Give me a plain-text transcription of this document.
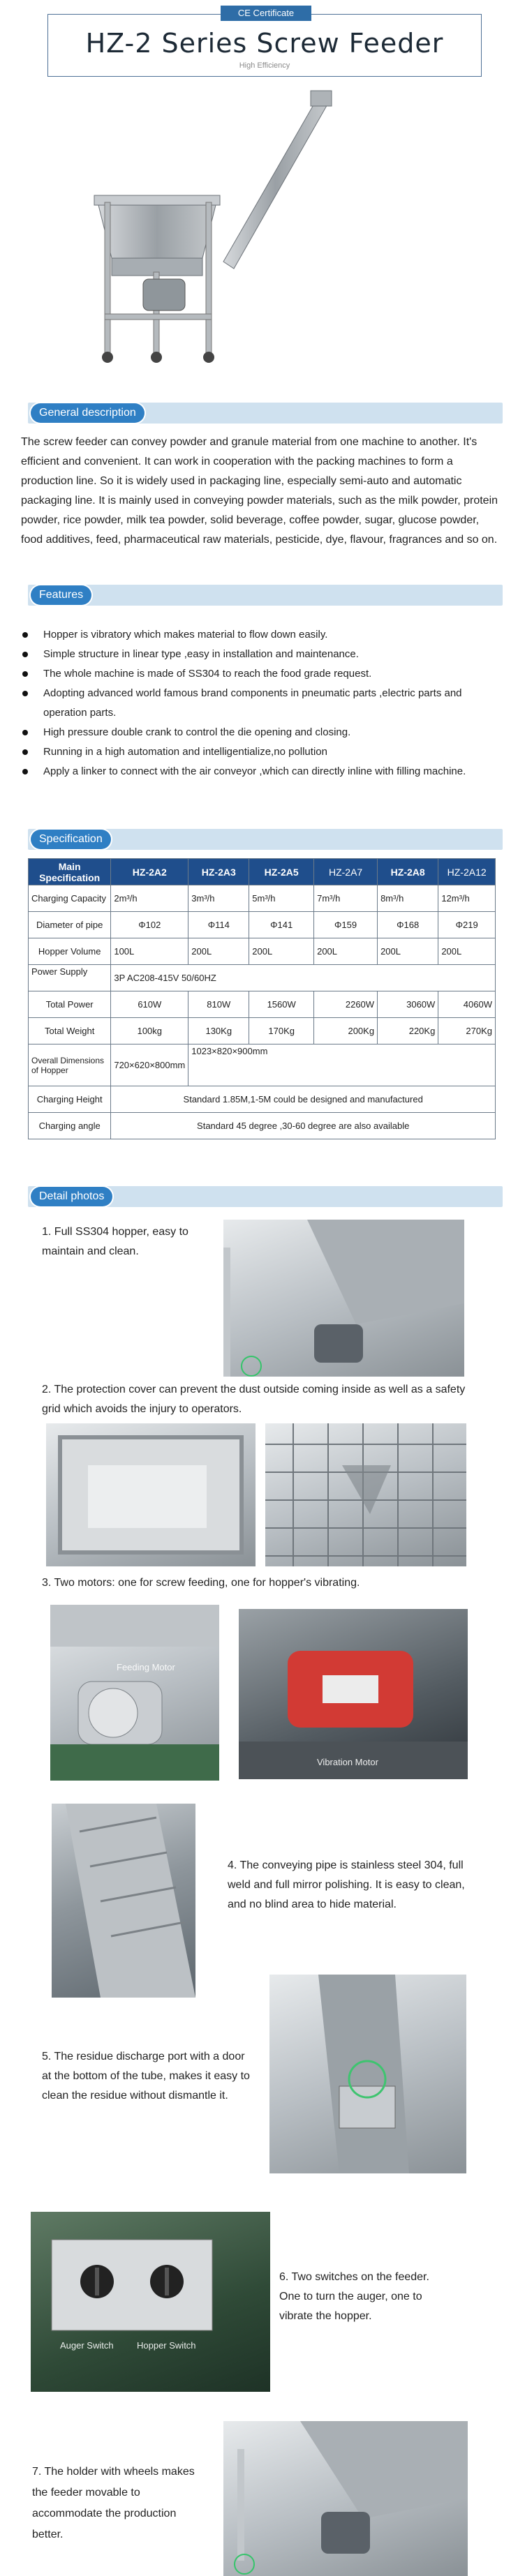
CE Certificate
HZ-2 Series Screw Feeder
High Efficiency
General description
The screw feeder can convey powder and granule material from one machine to another. It's efficient and convenient. It can work in cooperation with the packing machines to form a production line. So it is widely used in packaging line, especially semi-auto and automatic packaging line. It is mainly used in conveying powder materials, such as the milk powder, protein powder, rice powder, milk tea powder, solid beverage, coffee powder, sugar, glucose powder, food additives, feed, pharmaceutical raw materials, pesticide, dye, flavour, fragrances and so on.
Features
Hopper is vibratory which makes material to flow down easily.
Simple structure in linear type ,easy in installation and maintenance.
The whole machine is made of SS304 to reach the food grade request.
Adopting advanced world famous brand components in pneumatic parts ,electric parts and operation parts.
High pressure double crank to control the die opening and closing.
Running in a high automation and intelligentialize,no pollution
Apply a linker to connect with the air conveyor ,which can directly inline with filling machine.
Specification
Main Specification	HZ-2A2	HZ-2A3	HZ-2A5	HZ-2A7	HZ-2A8	HZ-2A12
Charging Capacity	2m³/h	3m³/h	5m³/h	7m³/h	8m³/h	12m³/h
Diameter of pipe	Φ102	Φ114	Φ141	Φ159	Φ168	Φ219
Hopper Volume	100L	200L	200L	200L	200L	200L
Power Supply	3P AC208-415V 50/60HZ					
Total Power	610W	810W	1560W	2260W	3060W	4060W
Total Weight	100kg	130Kg	170Kg	200Kg	220Kg	270Kg
Overall Dimensions of Hopper	720×620×800mm	1023×820×900mm				
Charging Height	Standard 1.85M,1-5M could be designed and manufactured					
Charging angle	Standard 45 degree ,30-60 degree are also available					
Detail photos
1. Full SS304 hopper, easy to maintain and clean.
2. The protection cover can prevent the dust outside coming inside as well as a safety grid which avoids the injury to operators.
3. Two motors: one for screw feeding, one for hopper's vibrating.
Feeding Motor
Vibration Motor
4. The conveying pipe is stainless steel 304, full weld and full mirror polishing. It is easy to clean, and no blind area to hide material.
5. The residue discharge port with a door at the bottom of the tube, makes it easy to clean the residue without dismantle it.
Auger Switch	Hopper Switch
6. Two switches on the feeder. One to turn the auger, one to vibrate the hopper.
7. The holder with wheels makes the feeder movable to accommodate the production better.
